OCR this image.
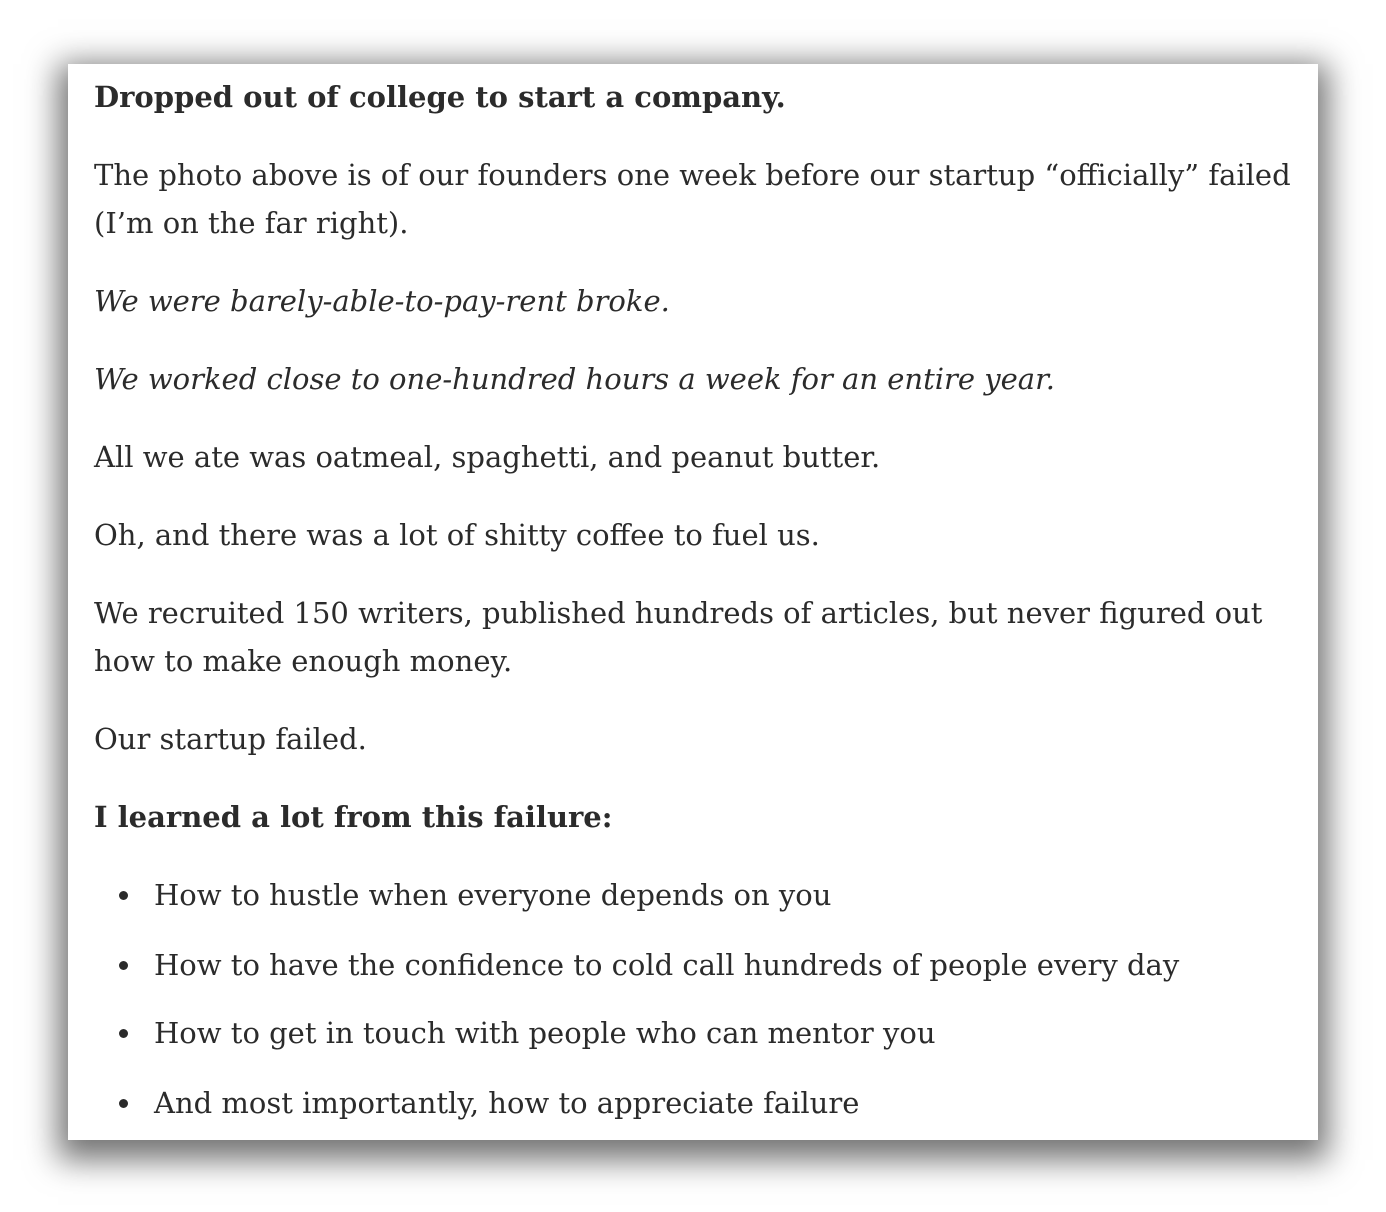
Dropped out of college to start a company.

The photo above is of our founders one week before our startup “officially” failed (I’m on the far right).

We were barely-able-to-pay-rent broke.

We worked close to one-hundred hours a week for an entire year.

All we ate was oatmeal, spaghetti, and peanut butter.

Oh, and there was a lot of shitty coffee to fuel us.

We recruited 150 writers, published hundreds of articles, but never figured out how to make enough money.

Our startup failed.

I learned a lot from this failure:

How to hustle when everyone depends on you
How to have the confidence to cold call hundreds of people every day
How to get in touch with people who can mentor you
And most importantly, how to appreciate failure
